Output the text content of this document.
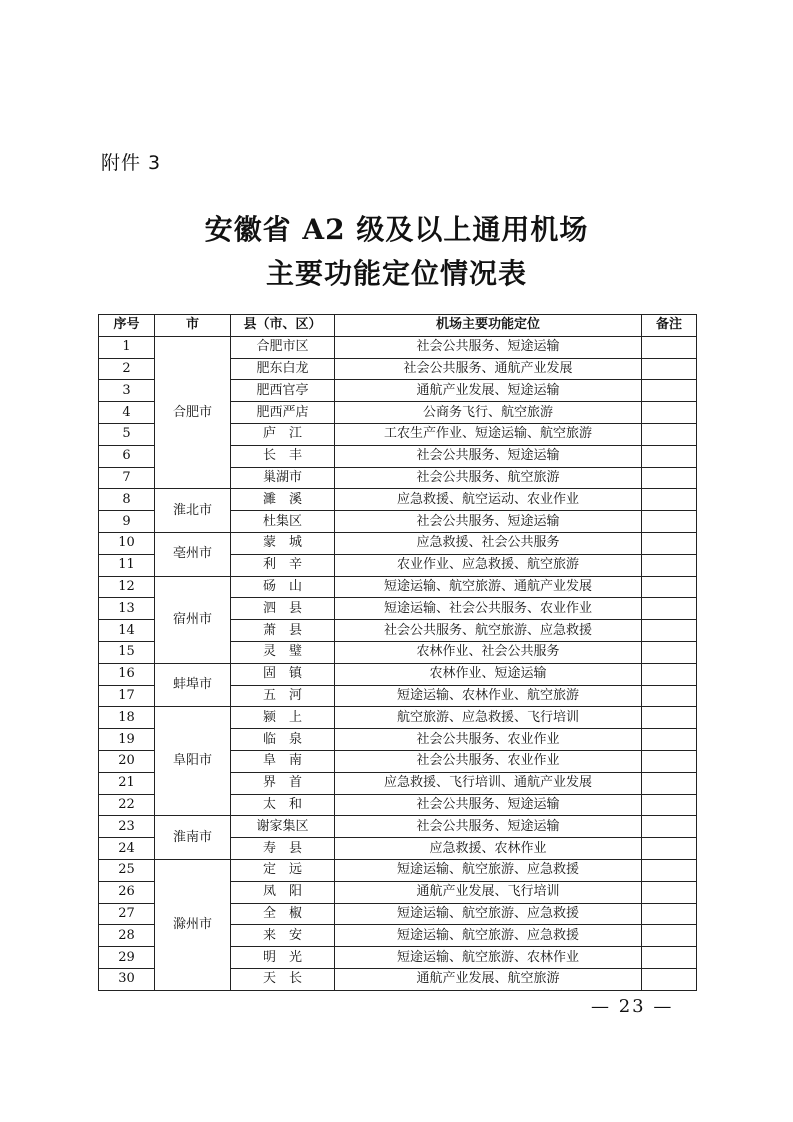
附件 3
安徽省 A2 级及以上通用机场
主要功能定位情况表
序号	市	县（市、区）	机场主要功能定位	备注
1	合肥市	合肥市区	社会公共服务、短途运输	
2		肥东白龙	社会公共服务、通航产业发展	
3		肥西官亭	通航产业发展、短途运输	
4		肥西严店	公商务飞行、航空旅游	
5		庐　江	工农生产作业、短途运输、航空旅游	
6		长　丰	社会公共服务、短途运输	
7		巢湖市	社会公共服务、航空旅游	
8	淮北市	濉　溪	应急救援、航空运动、农业作业	
9		杜集区	社会公共服务、短途运输	
10	亳州市	蒙　城	应急救援、社会公共服务	
11		利　辛	农业作业、应急救援、航空旅游	
12	宿州市	砀　山	短途运输、航空旅游、通航产业发展	
13		泗　县	短途运输、社会公共服务、农业作业	
14		萧　县	社会公共服务、航空旅游、应急救援	
15		灵　璧	农林作业、社会公共服务	
16	蚌埠市	固　镇	农林作业、短途运输	
17		五　河	短途运输、农林作业、航空旅游	
18	阜阳市	颍　上	航空旅游、应急救援、飞行培训	
19		临　泉	社会公共服务、农业作业	
20		阜　南	社会公共服务、农业作业	
21		界　首	应急救援、飞行培训、通航产业发展	
22		太　和	社会公共服务、短途运输	
23	淮南市	谢家集区	社会公共服务、短途运输	
24		寿　县	应急救援、农林作业	
25	滁州市	定　远	短途运输、航空旅游、应急救援	
26		凤　阳	通航产业发展、飞行培训	
27		全　椒	短途运输、航空旅游、应急救援	
28		来　安	短途运输、航空旅游、应急救援	
29		明　光	短途运输、航空旅游、农林作业	
30		天　长	通航产业发展、航空旅游	
— 23 —
